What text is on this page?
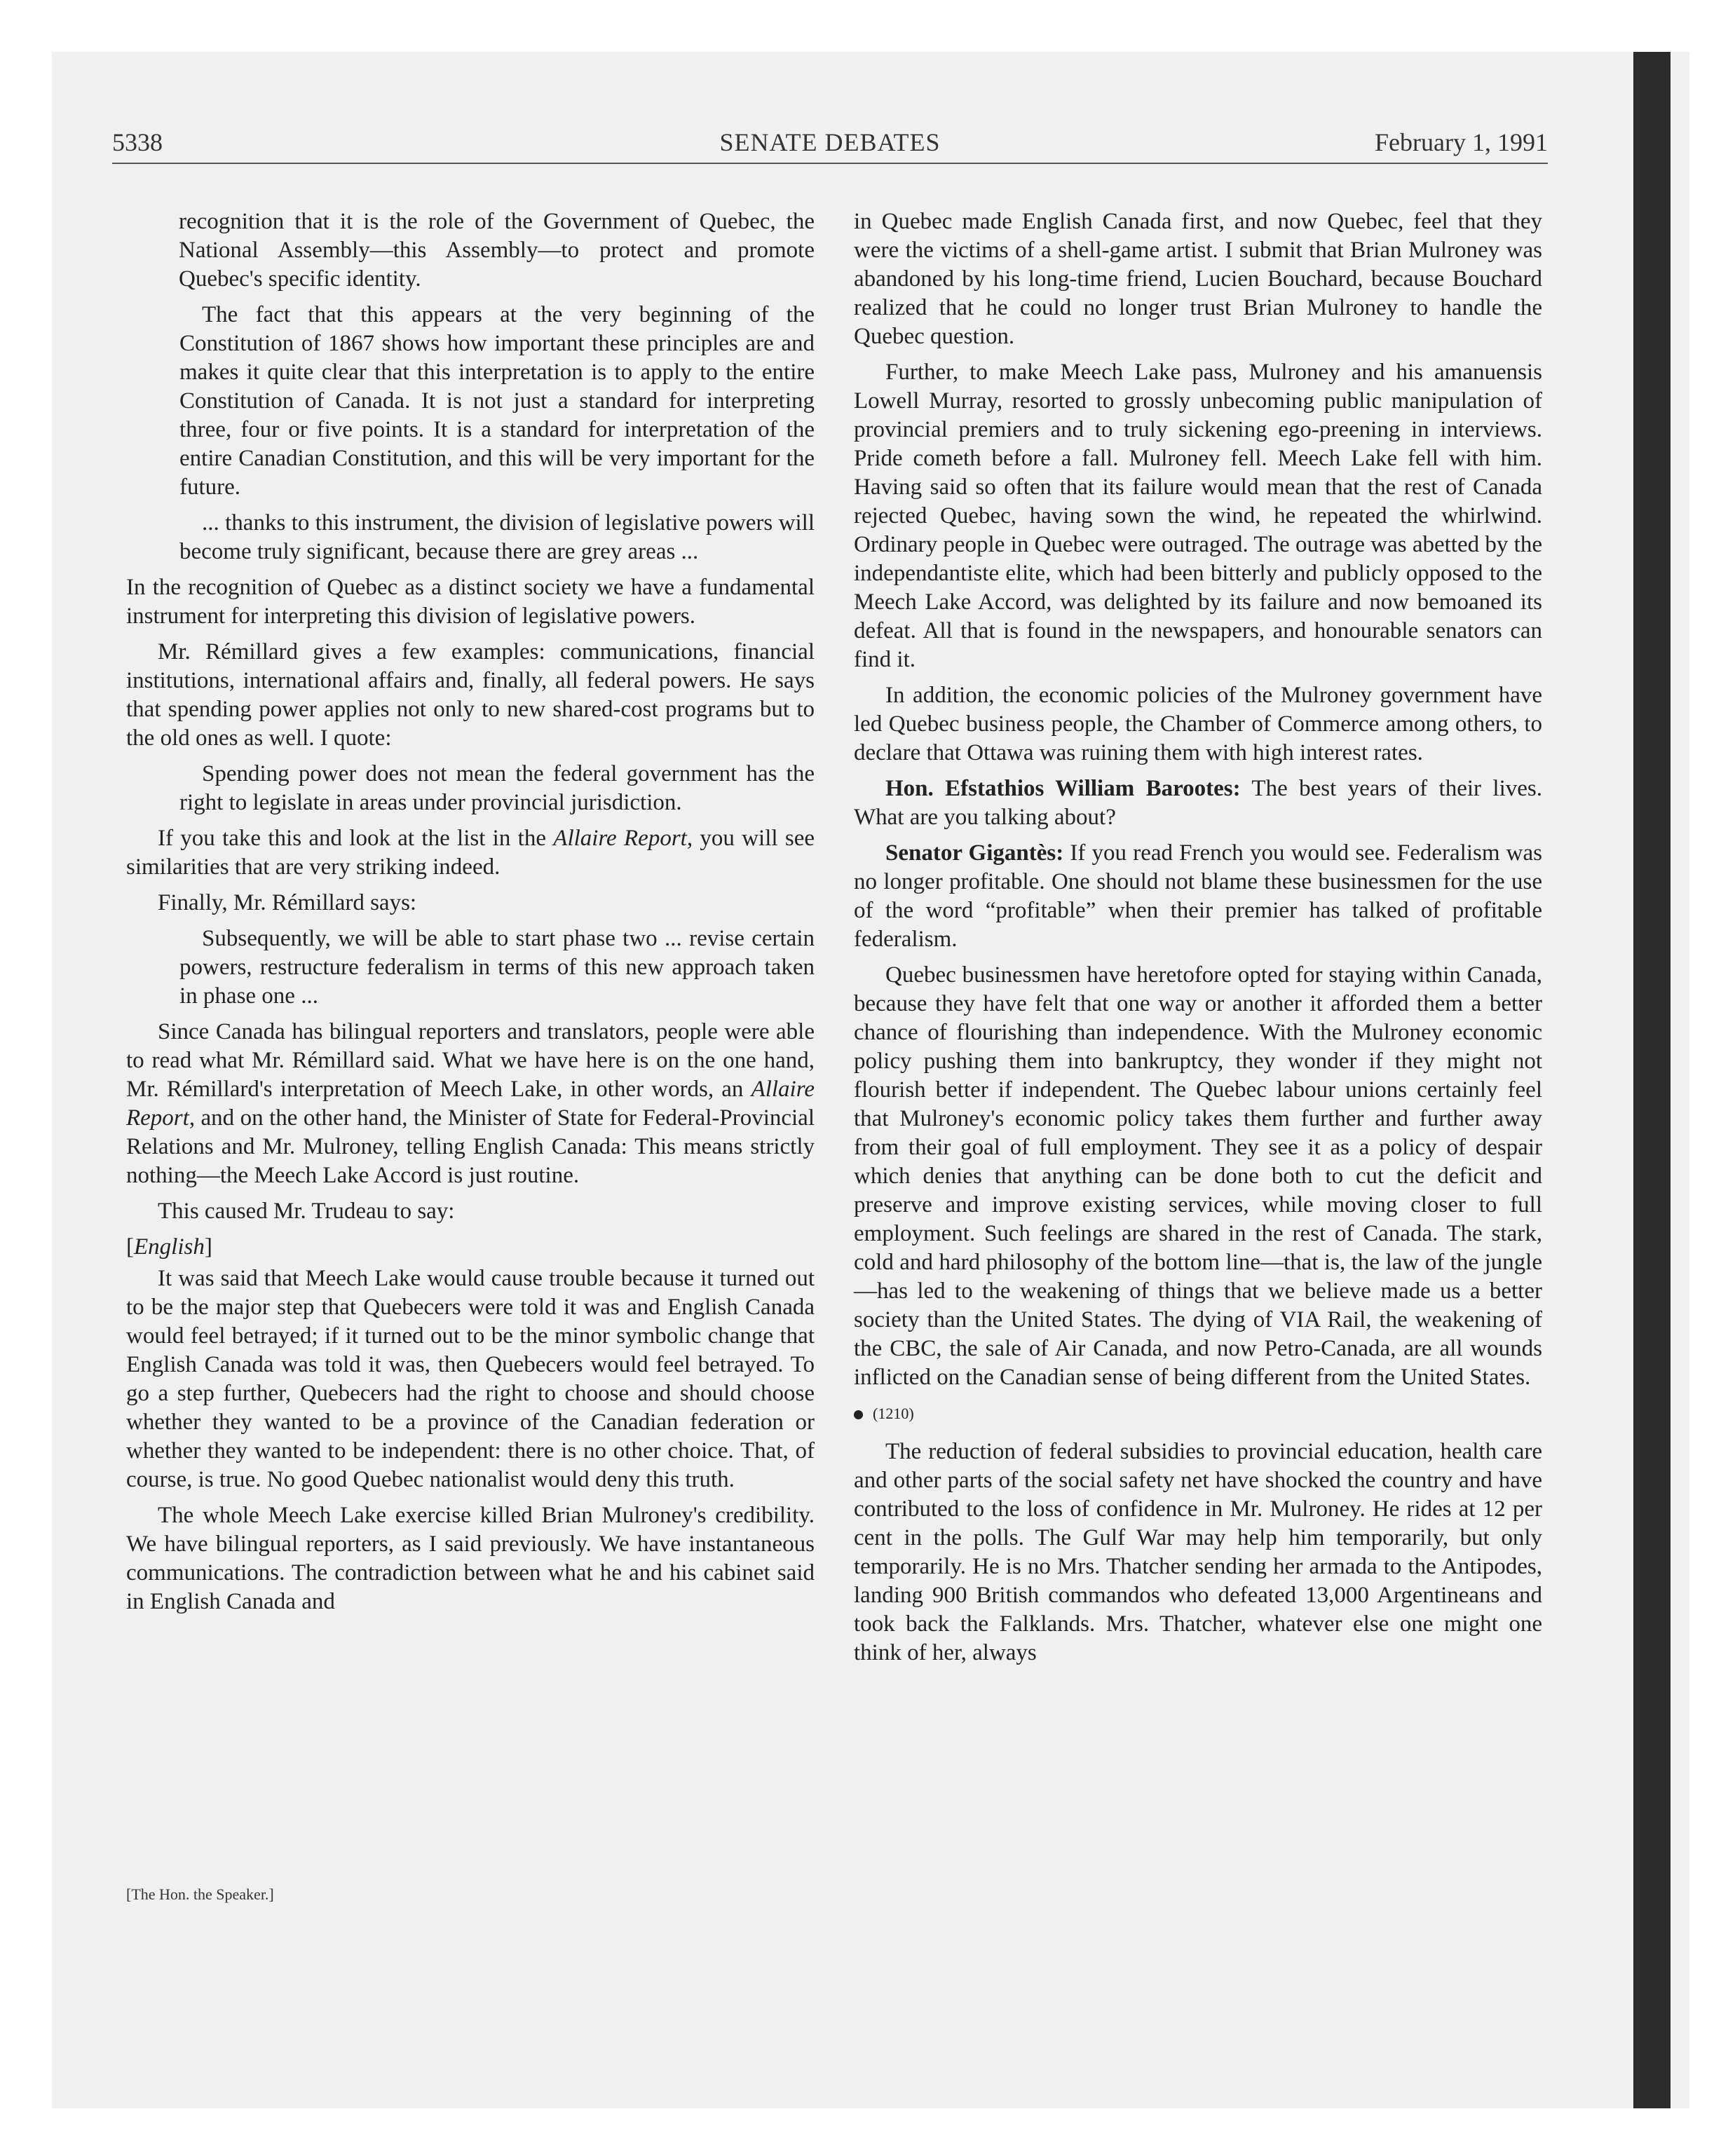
5338	SENATE DEBATES	February 1, 1991

recognition that it is the role of the Government of Quebec, the National Assembly—this Assembly—to protect and promote Quebec's specific identity.

The fact that this appears at the very beginning of the Constitution of 1867 shows how important these principles are and makes it quite clear that this interpretation is to apply to the entire Constitution of Canada. It is not just a standard for interpreting three, four or five points. It is a standard for interpretation of the entire Canadian Constitution, and this will be very important for the future.

... thanks to this instrument, the division of legislative powers will become truly significant, because there are grey areas ...

In the recognition of Quebec as a distinct society we have a fundamental instrument for interpreting this division of legislative powers.

Mr. Rémillard gives a few examples: communications, financial institutions, international affairs and, finally, all federal powers. He says that spending power applies not only to new shared-cost programs but to the old ones as well. I quote:

Spending power does not mean the federal government has the right to legislate in areas under provincial jurisdiction.

If you take this and look at the list in the Allaire Report, you will see similarities that are very striking indeed.

Finally, Mr. Rémillard says:

Subsequently, we will be able to start phase two ... revise certain powers, restructure federalism in terms of this new approach taken in phase one ...

Since Canada has bilingual reporters and translators, people were able to read what Mr. Rémillard said. What we have here is on the one hand, Mr. Rémillard's interpretation of Meech Lake, in other words, an Allaire Report, and on the other hand, the Minister of State for Federal-Provincial Relations and Mr. Mulroney, telling English Canada: This means strictly nothing—the Meech Lake Accord is just routine.

This caused Mr. Trudeau to say:

[English]

It was said that Meech Lake would cause trouble because it turned out to be the major step that Quebecers were told it was and English Canada would feel betrayed; if it turned out to be the minor symbolic change that English Canada was told it was, then Quebecers would feel betrayed. To go a step further, Quebecers had the right to choose and should choose whether they wanted to be a province of the Canadian federation or whether they wanted to be independent: there is no other choice. That, of course, is true. No good Quebec nationalist would deny this truth.

The whole Meech Lake exercise killed Brian Mulroney's credibility. We have bilingual reporters, as I said previously. We have instantaneous communications. The contradiction between what he and his cabinet said in English Canada and

in Quebec made English Canada first, and now Quebec, feel that they were the victims of a shell-game artist. I submit that Brian Mulroney was abandoned by his long-time friend, Lucien Bouchard, because Bouchard realized that he could no longer trust Brian Mulroney to handle the Quebec question.

Further, to make Meech Lake pass, Mulroney and his amanuensis Lowell Murray, resorted to grossly unbecoming public manipulation of provincial premiers and to truly sickening ego-preening in interviews. Pride cometh before a fall. Mulroney fell. Meech Lake fell with him. Having said so often that its failure would mean that the rest of Canada rejected Quebec, having sown the wind, he repeated the whirlwind. Ordinary people in Quebec were outraged. The outrage was abetted by the independantiste elite, which had been bitterly and publicly opposed to the Meech Lake Accord, was delighted by its failure and now bemoaned its defeat. All that is found in the newspapers, and honourable senators can find it.

In addition, the economic policies of the Mulroney government have led Quebec business people, the Chamber of Commerce among others, to declare that Ottawa was ruining them with high interest rates.

Hon. Efstathios William Barootes: The best years of their lives. What are you talking about?

Senator Gigantès: If you read French you would see. Federalism was no longer profitable. One should not blame these businessmen for the use of the word “profitable” when their premier has talked of profitable federalism.

Quebec businessmen have heretofore opted for staying within Canada, because they have felt that one way or another it afforded them a better chance of flourishing than independence. With the Mulroney economic policy pushing them into bankruptcy, they wonder if they might not flourish better if independent. The Quebec labour unions certainly feel that Mulroney's economic policy takes them further and further away from their goal of full employment. They see it as a policy of despair which denies that anything can be done both to cut the deficit and preserve and improve existing services, while moving closer to full employment. Such feelings are shared in the rest of Canada. The stark, cold and hard philosophy of the bottom line—that is, the law of the jungle—has led to the weakening of things that we believe made us a better society than the United States. The dying of VIA Rail, the weakening of the CBC, the sale of Air Canada, and now Petro-Canada, are all wounds inflicted on the Canadian sense of being different from the United States.

(1210)

The reduction of federal subsidies to provincial education, health care and other parts of the social safety net have shocked the country and have contributed to the loss of confidence in Mr. Mulroney. He rides at 12 per cent in the polls. The Gulf War may help him temporarily, but only temporarily. He is no Mrs. Thatcher sending her armada to the Antipodes, landing 900 British commandos who defeated 13,000 Argentineans and took back the Falklands. Mrs. Thatcher, whatever else one might one think of her, always

[The Hon. the Speaker.]
